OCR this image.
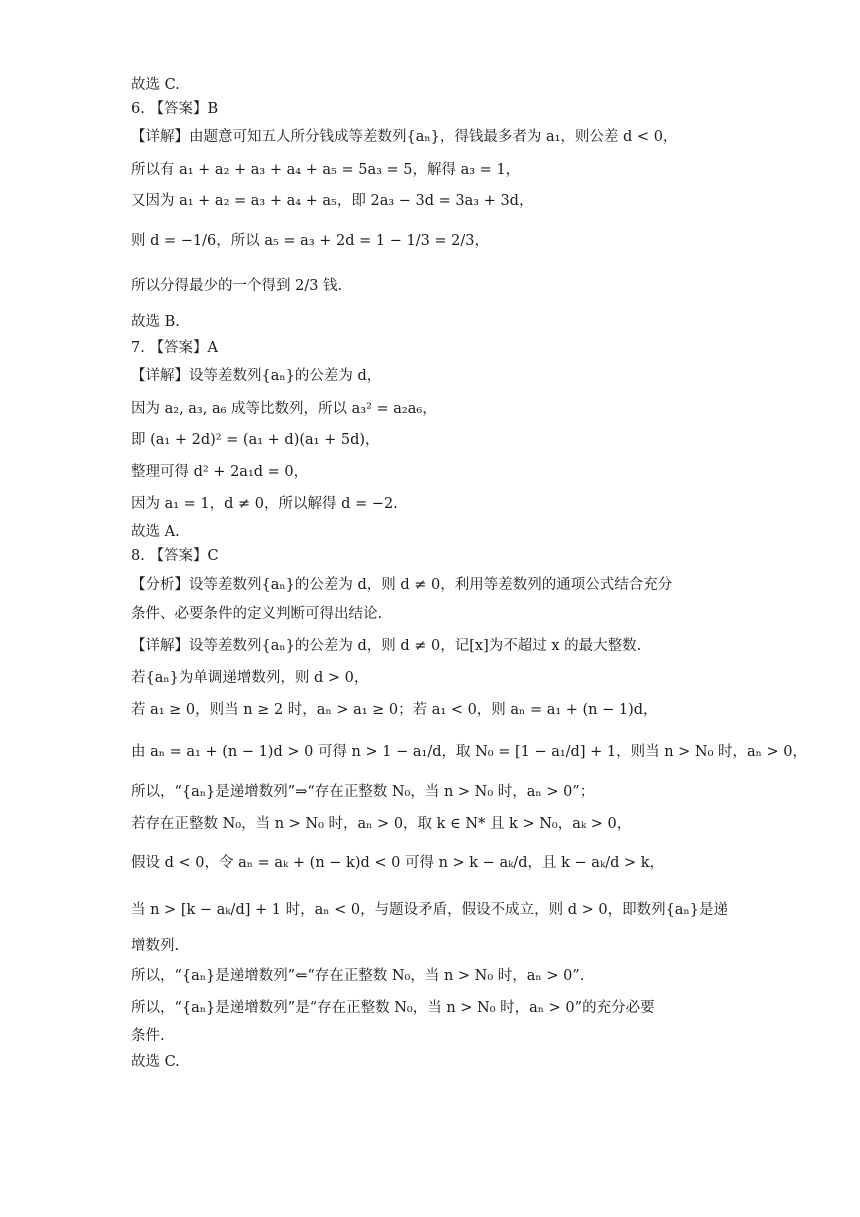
故选 C.
6. 【答案】B
【详解】由题意可知五人所分钱成等差数列{aₙ}，得钱最多者为 a₁，则公差 d < 0，
所以有 a₁ + a₂ + a₃ + a₄ + a₅ = 5a₃ = 5，解得 a₃ = 1，
又因为 a₁ + a₂ = a₃ + a₄ + a₅，即 2a₃ − 3d = 3a₃ + 3d，
则 d = −1/6，所以 a₅ = a₃ + 2d = 1 − 1/3 = 2/3，
所以分得最少的一个得到 2/3 钱.
故选 B.
7. 【答案】A
【详解】设等差数列{aₙ}的公差为 d，
因为 a₂, a₃, a₆ 成等比数列，所以 a₃² = a₂a₆，
即 (a₁ + 2d)² = (a₁ + d)(a₁ + 5d)，
整理可得 d² + 2a₁d = 0，
因为 a₁ = 1，d ≠ 0，所以解得 d = −2.
故选 A.
8. 【答案】C
【分析】设等差数列{aₙ}的公差为 d，则 d ≠ 0，利用等差数列的通项公式结合充分
条件、必要条件的定义判断可得出结论.
【详解】设等差数列{aₙ}的公差为 d，则 d ≠ 0，记[x]为不超过 x 的最大整数.
若{aₙ}为单调递增数列，则 d > 0，
若 a₁ ≥ 0，则当 n ≥ 2 时，aₙ > a₁ ≥ 0；若 a₁ < 0，则 aₙ = a₁ + (n − 1)d，
由 aₙ = a₁ + (n − 1)d > 0 可得 n > 1 − a₁/d，取 N₀ = [1 − a₁/d] + 1，则当 n > N₀ 时，aₙ > 0，
所以，“{aₙ}是递增数列”⇒“存在正整数 N₀，当 n > N₀ 时，aₙ > 0”；
若存在正整数 N₀，当 n > N₀ 时，aₙ > 0，取 k ∈ N* 且 k > N₀，aₖ > 0，
假设 d < 0，令 aₙ = aₖ + (n − k)d < 0 可得 n > k − aₖ/d，且 k − aₖ/d > k，
当 n > [k − aₖ/d] + 1 时，aₙ < 0，与题设矛盾，假设不成立，则 d > 0，即数列{aₙ}是递
增数列.
所以，“{aₙ}是递增数列”⇐“存在正整数 N₀，当 n > N₀ 时，aₙ > 0”.
所以，“{aₙ}是递增数列”是“存在正整数 N₀，当 n > N₀ 时，aₙ > 0”的充分必要
条件.
故选 C.
